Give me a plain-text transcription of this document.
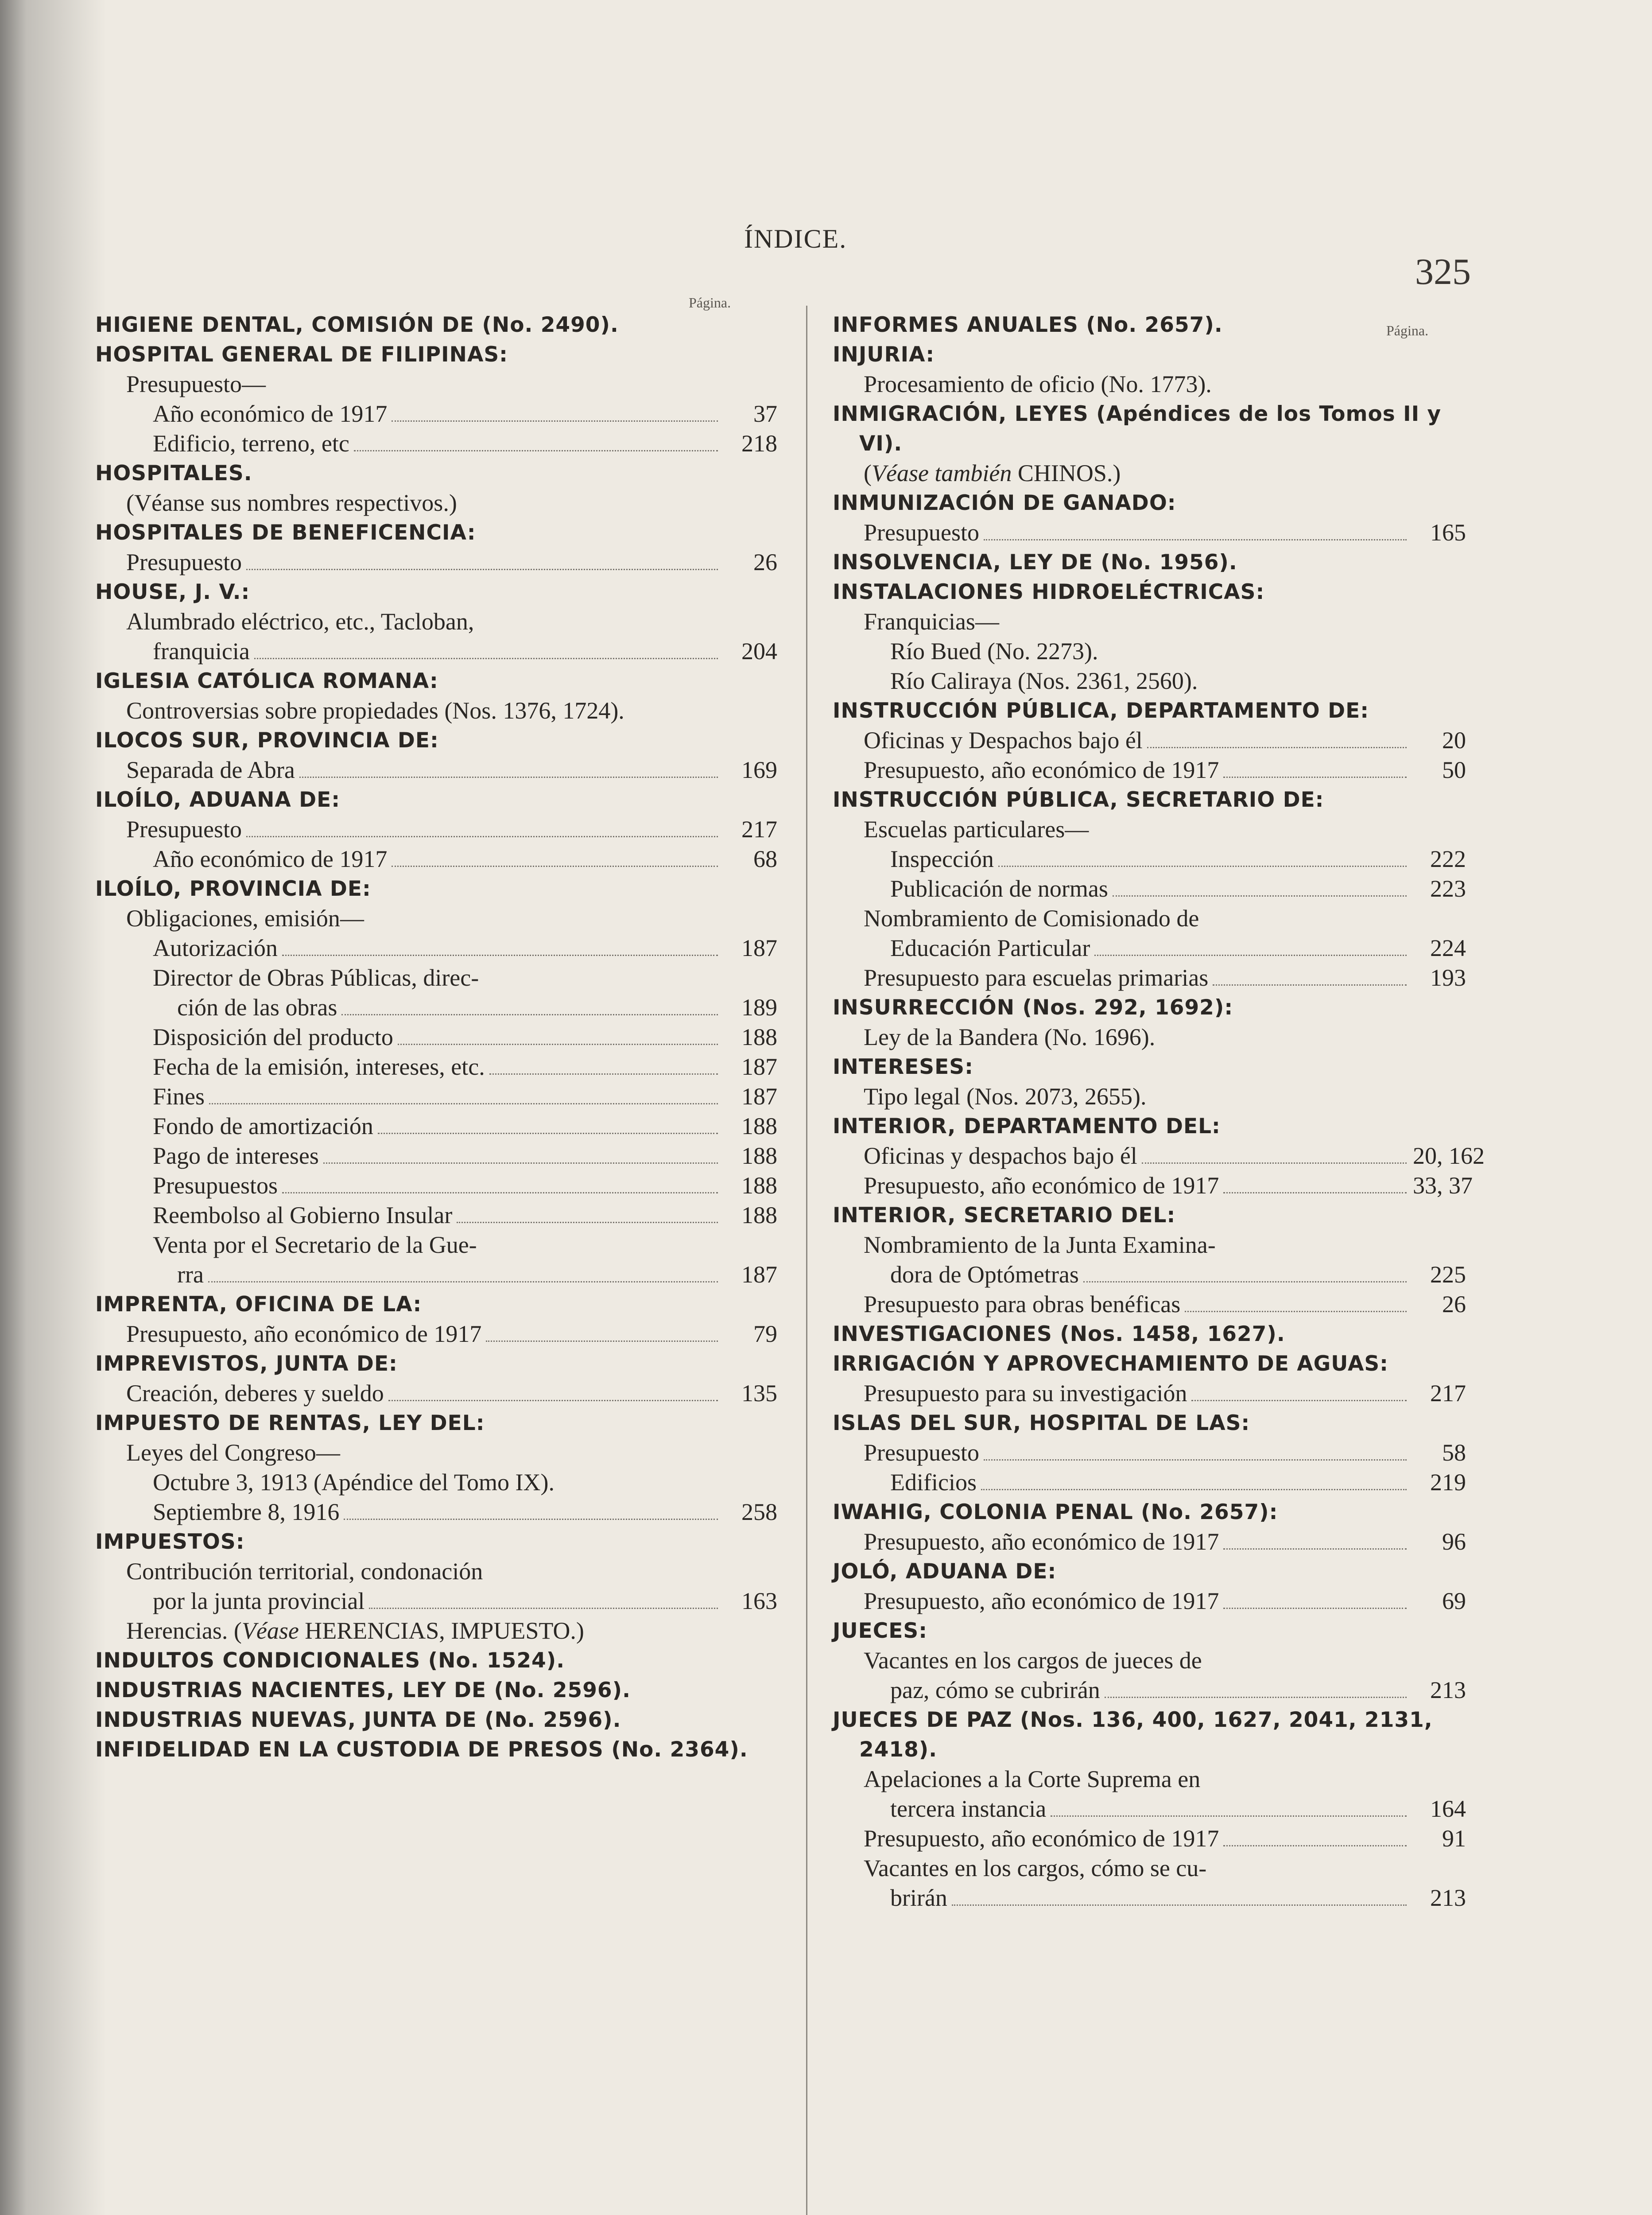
ÍNDICE.
325
Página.
Página.
HIGIENE DENTAL, COMISIÓN DE (No. 2490).
HOSPITAL GENERAL DE FILIPINAS:
Presupuesto—
Año económico de 1917	37
Edificio, terreno, etc	218
HOSPITALES.
(Véanse sus nombres respectivos.)
HOSPITALES DE BENEFICENCIA:
Presupuesto	26
HOUSE, J. V.:
Alumbrado eléctrico, etc., Tacloban,
franquicia	204
IGLESIA CATÓLICA ROMANA:
Controversias sobre propiedades (Nos. 1376, 1724).
ILOCOS SUR, PROVINCIA DE:
Separada de Abra	169
ILOÍLO, ADUANA DE:
Presupuesto	217
Año económico de 1917	68
ILOÍLO, PROVINCIA DE:
Obligaciones, emisión—
Autorización	187
Director de Obras Públicas, direc-
ción de las obras	189
Disposición del producto	188
Fecha de la emisión, intereses, etc.	187
Fines	187
Fondo de amortización	188
Pago de intereses	188
Presupuestos	188
Reembolso al Gobierno Insular	188
Venta por el Secretario de la Gue-
rra	187
IMPRENTA, OFICINA DE LA:
Presupuesto, año económico de 1917	79
IMPREVISTOS, JUNTA DE:
Creación, deberes y sueldo	135
IMPUESTO DE RENTAS, LEY DEL:
Leyes del Congreso—
Octubre 3, 1913 (Apéndice del Tomo IX).
Septiembre 8, 1916	258
IMPUESTOS:
Contribución territorial, condonación
por la junta provincial	163
Herencias. (Véase HERENCIAS, IMPUESTO.)
INDULTOS CONDICIONALES (No. 1524).
INDUSTRIAS NACIENTES, LEY DE (No. 2596).
INDUSTRIAS NUEVAS, JUNTA DE (No. 2596).
INFIDELIDAD EN LA CUSTODIA DE PRESOS (No. 2364).
INFORMES ANUALES (No. 2657).
INJURIA:
Procesamiento de oficio (No. 1773).
INMIGRACIÓN, LEYES (Apéndices de los Tomos II y VI).
(Véase también CHINOS.)
INMUNIZACIÓN DE GANADO:
Presupuesto	165
INSOLVENCIA, LEY DE (No. 1956).
INSTALACIONES HIDROELÉCTRICAS:
Franquicias—
Río Bued (No. 2273).
Río Caliraya (Nos. 2361, 2560).
INSTRUCCIÓN PÚBLICA, DEPARTAMENTO DE:
Oficinas y Despachos bajo él	20
Presupuesto, año económico de 1917	50
INSTRUCCIÓN PÚBLICA, SECRETARIO DE:
Escuelas particulares—
Inspección	222
Publicación de normas	223
Nombramiento de Comisionado de
Educación Particular	224
Presupuesto para escuelas primarias	193
INSURRECCIÓN (Nos. 292, 1692):
Ley de la Bandera (No. 1696).
INTERESES:
Tipo legal (Nos. 2073, 2655).
INTERIOR, DEPARTAMENTO DEL:
Oficinas y despachos bajo él	20, 162
Presupuesto, año económico de 1917	33, 37
INTERIOR, SECRETARIO DEL:
Nombramiento de la Junta Examina-
dora de Optómetras	225
Presupuesto para obras benéficas	26
INVESTIGACIONES (Nos. 1458, 1627).
IRRIGACIÓN Y APROVECHAMIENTO DE AGUAS:
Presupuesto para su investigación	217
ISLAS DEL SUR, HOSPITAL DE LAS:
Presupuesto	58
Edificios	219
IWAHIG, COLONIA PENAL (No. 2657):
Presupuesto, año económico de 1917	96
JOLÓ, ADUANA DE:
Presupuesto, año económico de 1917	69
JUECES:
Vacantes en los cargos de jueces de
paz, cómo se cubrirán	213
JUECES DE PAZ (Nos. 136, 400, 1627, 2041, 2131, 2418).
Apelaciones a la Corte Suprema en
tercera instancia	164
Presupuesto, año económico de 1917	91
Vacantes en los cargos, cómo se cu-
brirán	213
